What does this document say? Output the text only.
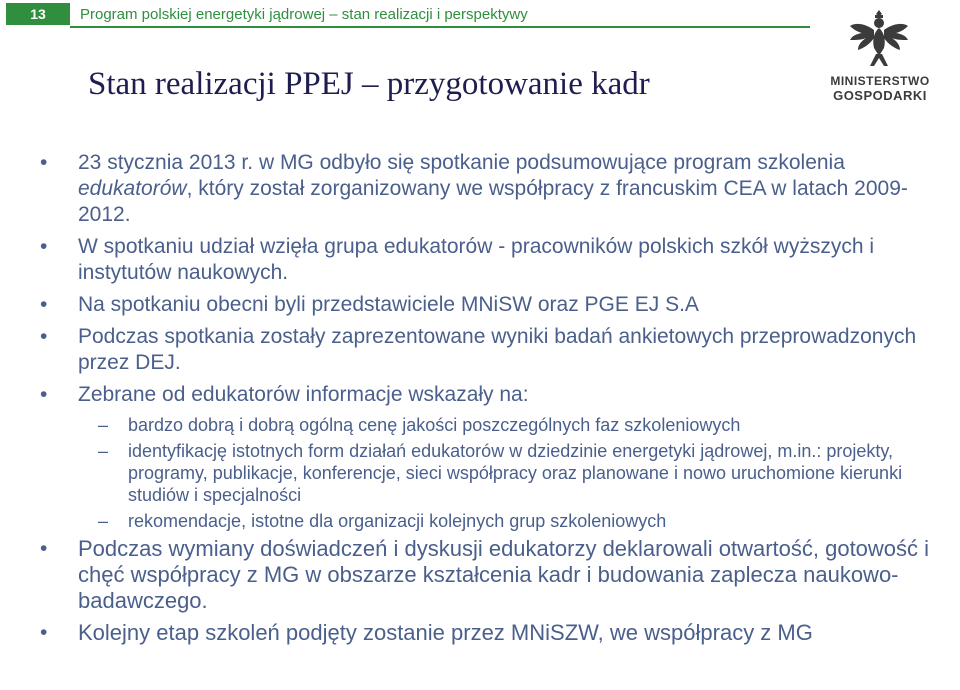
13	Program polskiej energetyki jądrowej – stan realizacji i perspektywy
MINISTERSTWO
GOSPODARKI
Stan realizacji PPEJ – przygotowanie kadr
• 23 stycznia 2013 r. w MG odbyło się spotkanie podsumowujące program szkolenia edukatorów, który został zorganizowany we współpracy z francuskim CEA w latach 2009-2012.
• W spotkaniu udział wzięła grupa edukatorów - pracowników polskich szkół wyższych i instytutów naukowych.
• Na spotkaniu obecni byli przedstawiciele MNiSW oraz PGE EJ S.A
• Podczas spotkania zostały zaprezentowane wyniki badań ankietowych przeprowadzonych przez DEJ.
• Zebrane od edukatorów informacje wskazały na:
– bardzo dobrą i dobrą ogólną cenę jakości poszczególnych faz szkoleniowych
– identyfikację istotnych form działań edukatorów w dziedzinie energetyki jądrowej, m.in.: projekty, programy, publikacje, konferencje, sieci współpracy oraz planowane i nowo uruchomione kierunki studiów i specjalności
– rekomendacje, istotne dla organizacji kolejnych grup szkoleniowych
• Podczas wymiany doświadczeń i dyskusji edukatorzy deklarowali otwartość, gotowość i chęć współpracy z MG w obszarze kształcenia kadr i budowania zaplecza naukowo-badawczego.
• Kolejny etap szkoleń podjęty zostanie przez MNiSZW, we współpracy z MG
